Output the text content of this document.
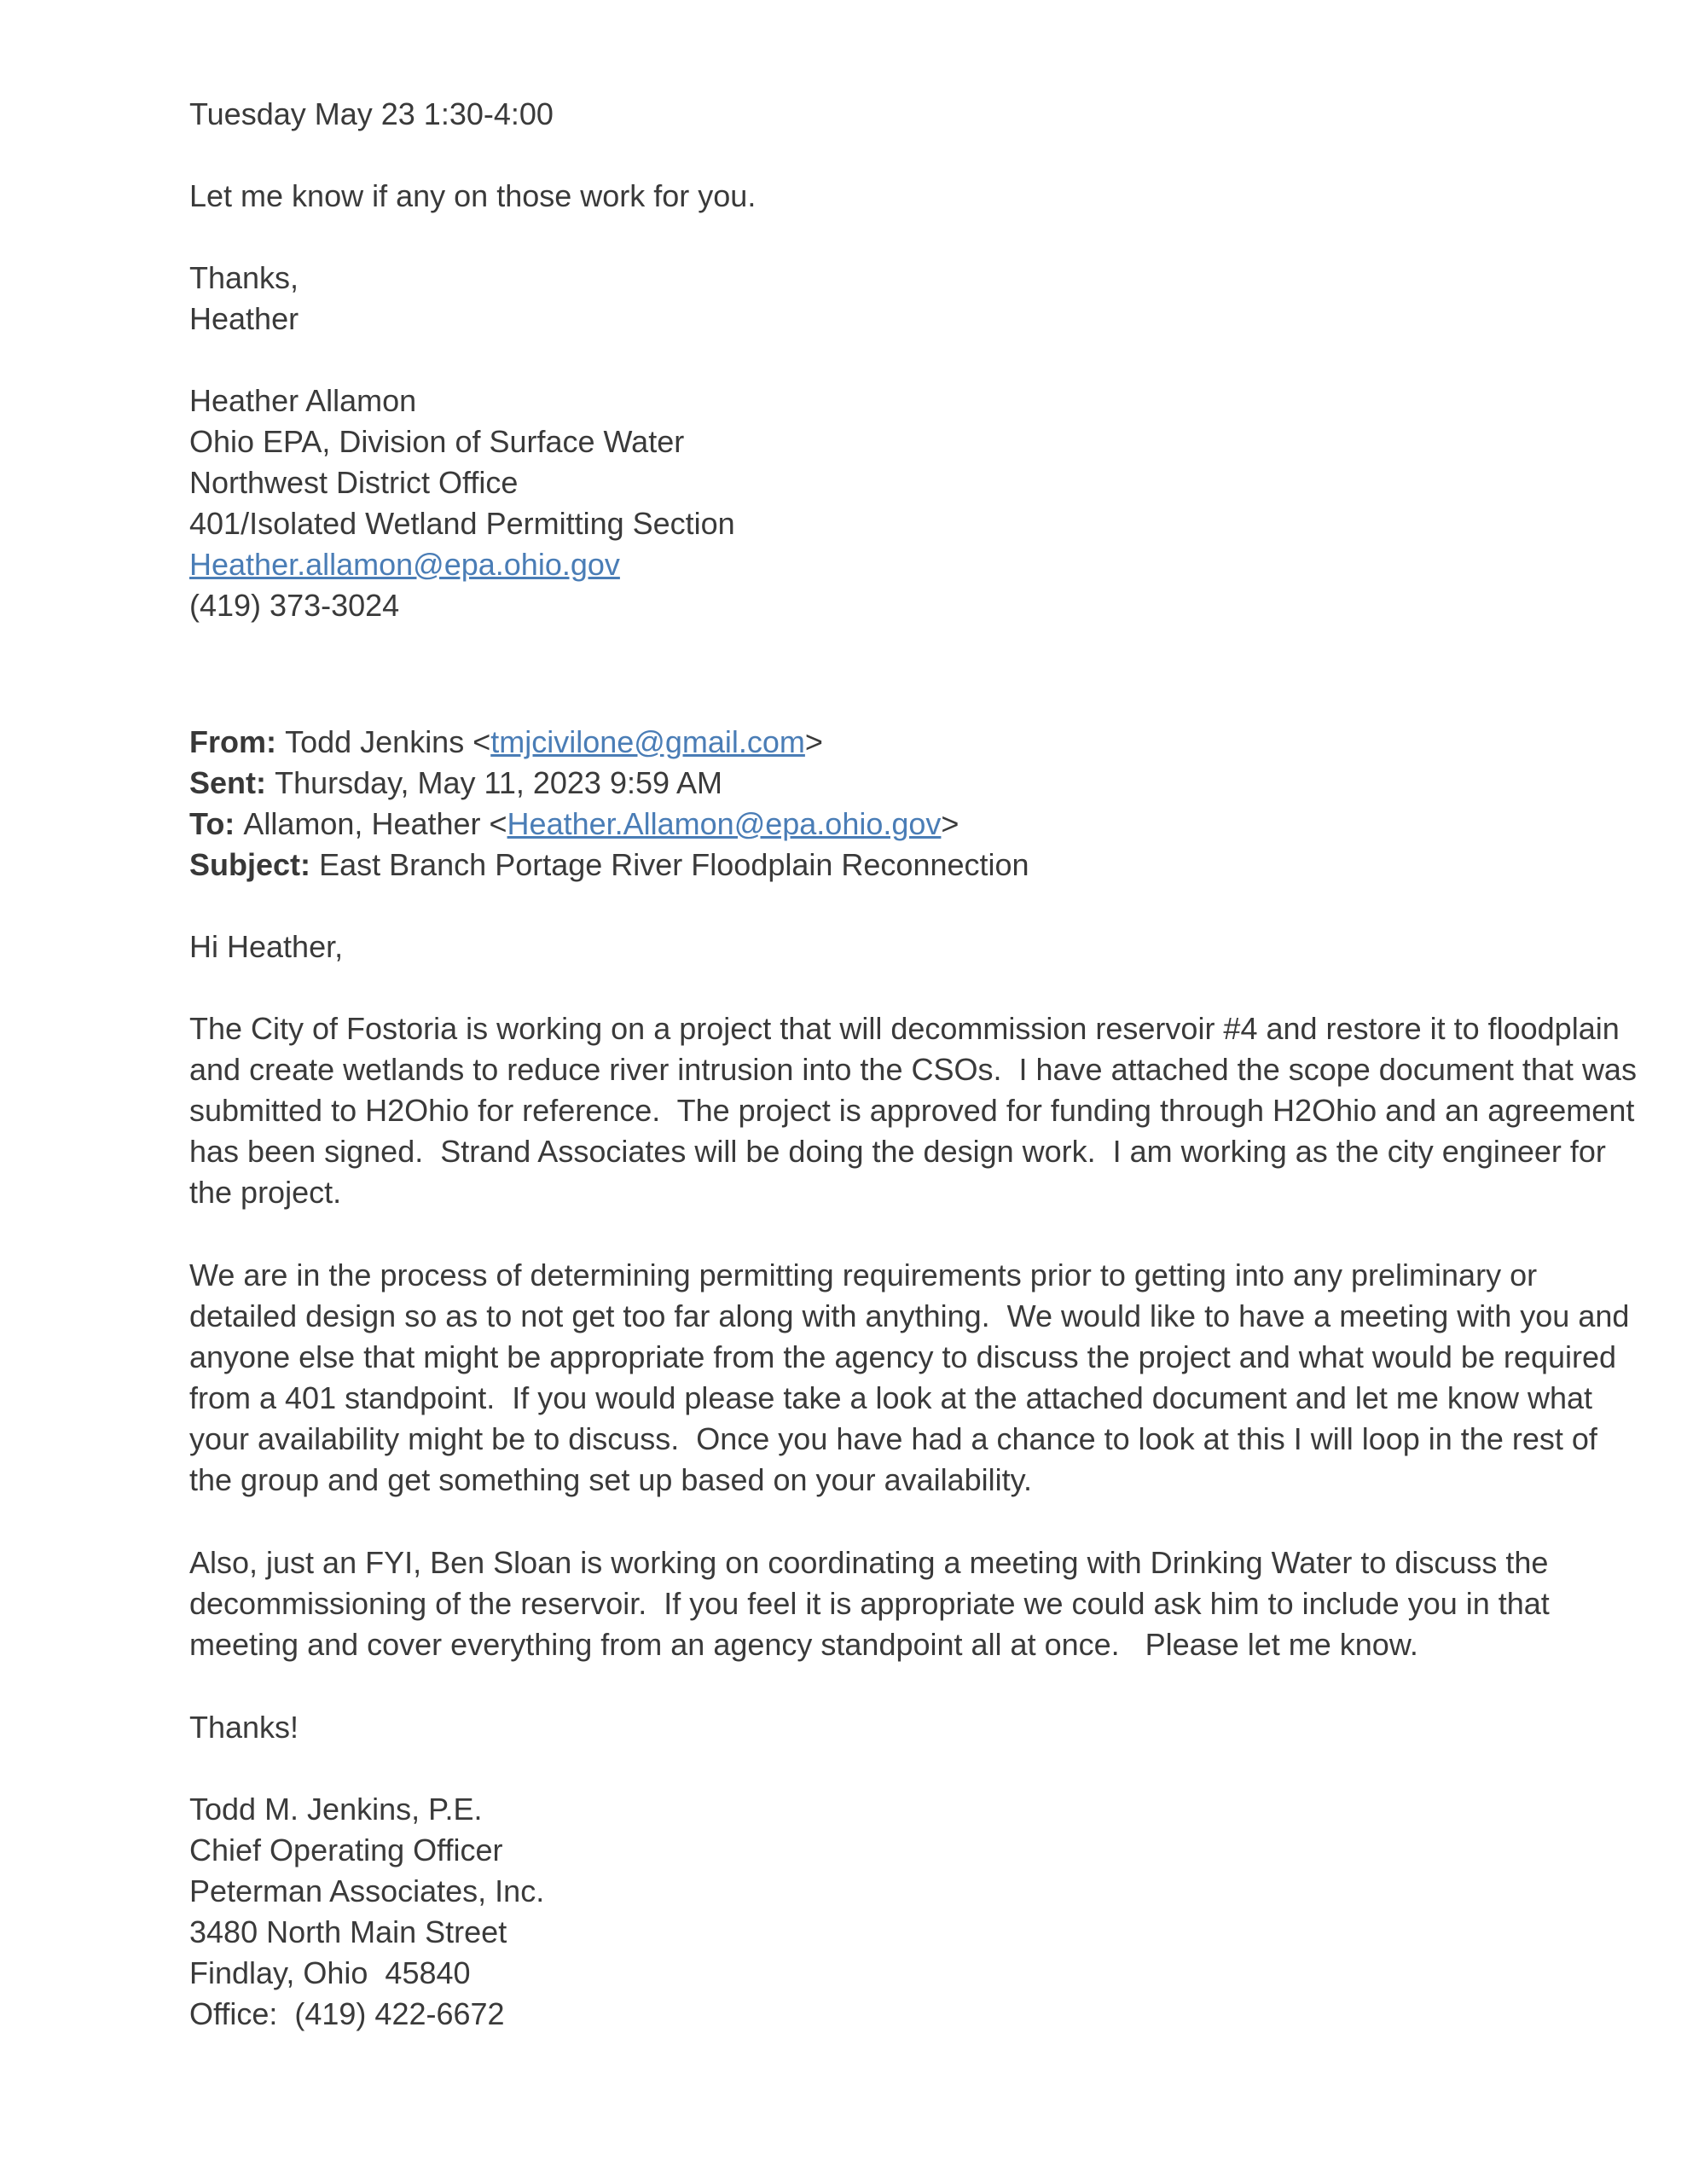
Tuesday May 23 1:30-4:00
Let me know if any on those work for you.
Thanks,
Heather
Heather Allamon
Ohio EPA, Division of Surface Water
Northwest District Office
401/Isolated Wetland Permitting Section
Heather.allamon@epa.ohio.gov
(419) 373-3024
From: Todd Jenkins <tmjcivilone@gmail.com>
Sent: Thursday, May 11, 2023 9:59 AM
To: Allamon, Heather <Heather.Allamon@epa.ohio.gov>
Subject: East Branch Portage River Floodplain Reconnection
Hi Heather,

The City of Fostoria is working on a project that will decommission reservoir #4 and restore it to floodplain and create wetlands to reduce river intrusion into the CSOs.  I have attached the scope document that was submitted to H2Ohio for reference.  The project is approved for funding through H2Ohio and an agreement has been signed.  Strand Associates will be doing the design work.  I am working as the city engineer for the project.

We are in the process of determining permitting requirements prior to getting into any preliminary or detailed design so as to not get too far along with anything.  We would like to have a meeting with you and anyone else that might be appropriate from the agency to discuss the project and what would be required from a 401 standpoint.  If you would please take a look at the attached document and let me know what your availability might be to discuss.  Once you have had a chance to look at this I will loop in the rest of the group and get something set up based on your availability.

Also, just an FYI, Ben Sloan is working on coordinating a meeting with Drinking Water to discuss the decommissioning of the reservoir.  If you feel it is appropriate we could ask him to include you in that meeting and cover everything from an agency standpoint all at once.   Please let me know.

Thanks!
Todd M. Jenkins, P.E.
Chief Operating Officer
Peterman Associates, Inc.
3480 North Main Street
Findlay, Ohio  45840
Office:  (419) 422-6672
